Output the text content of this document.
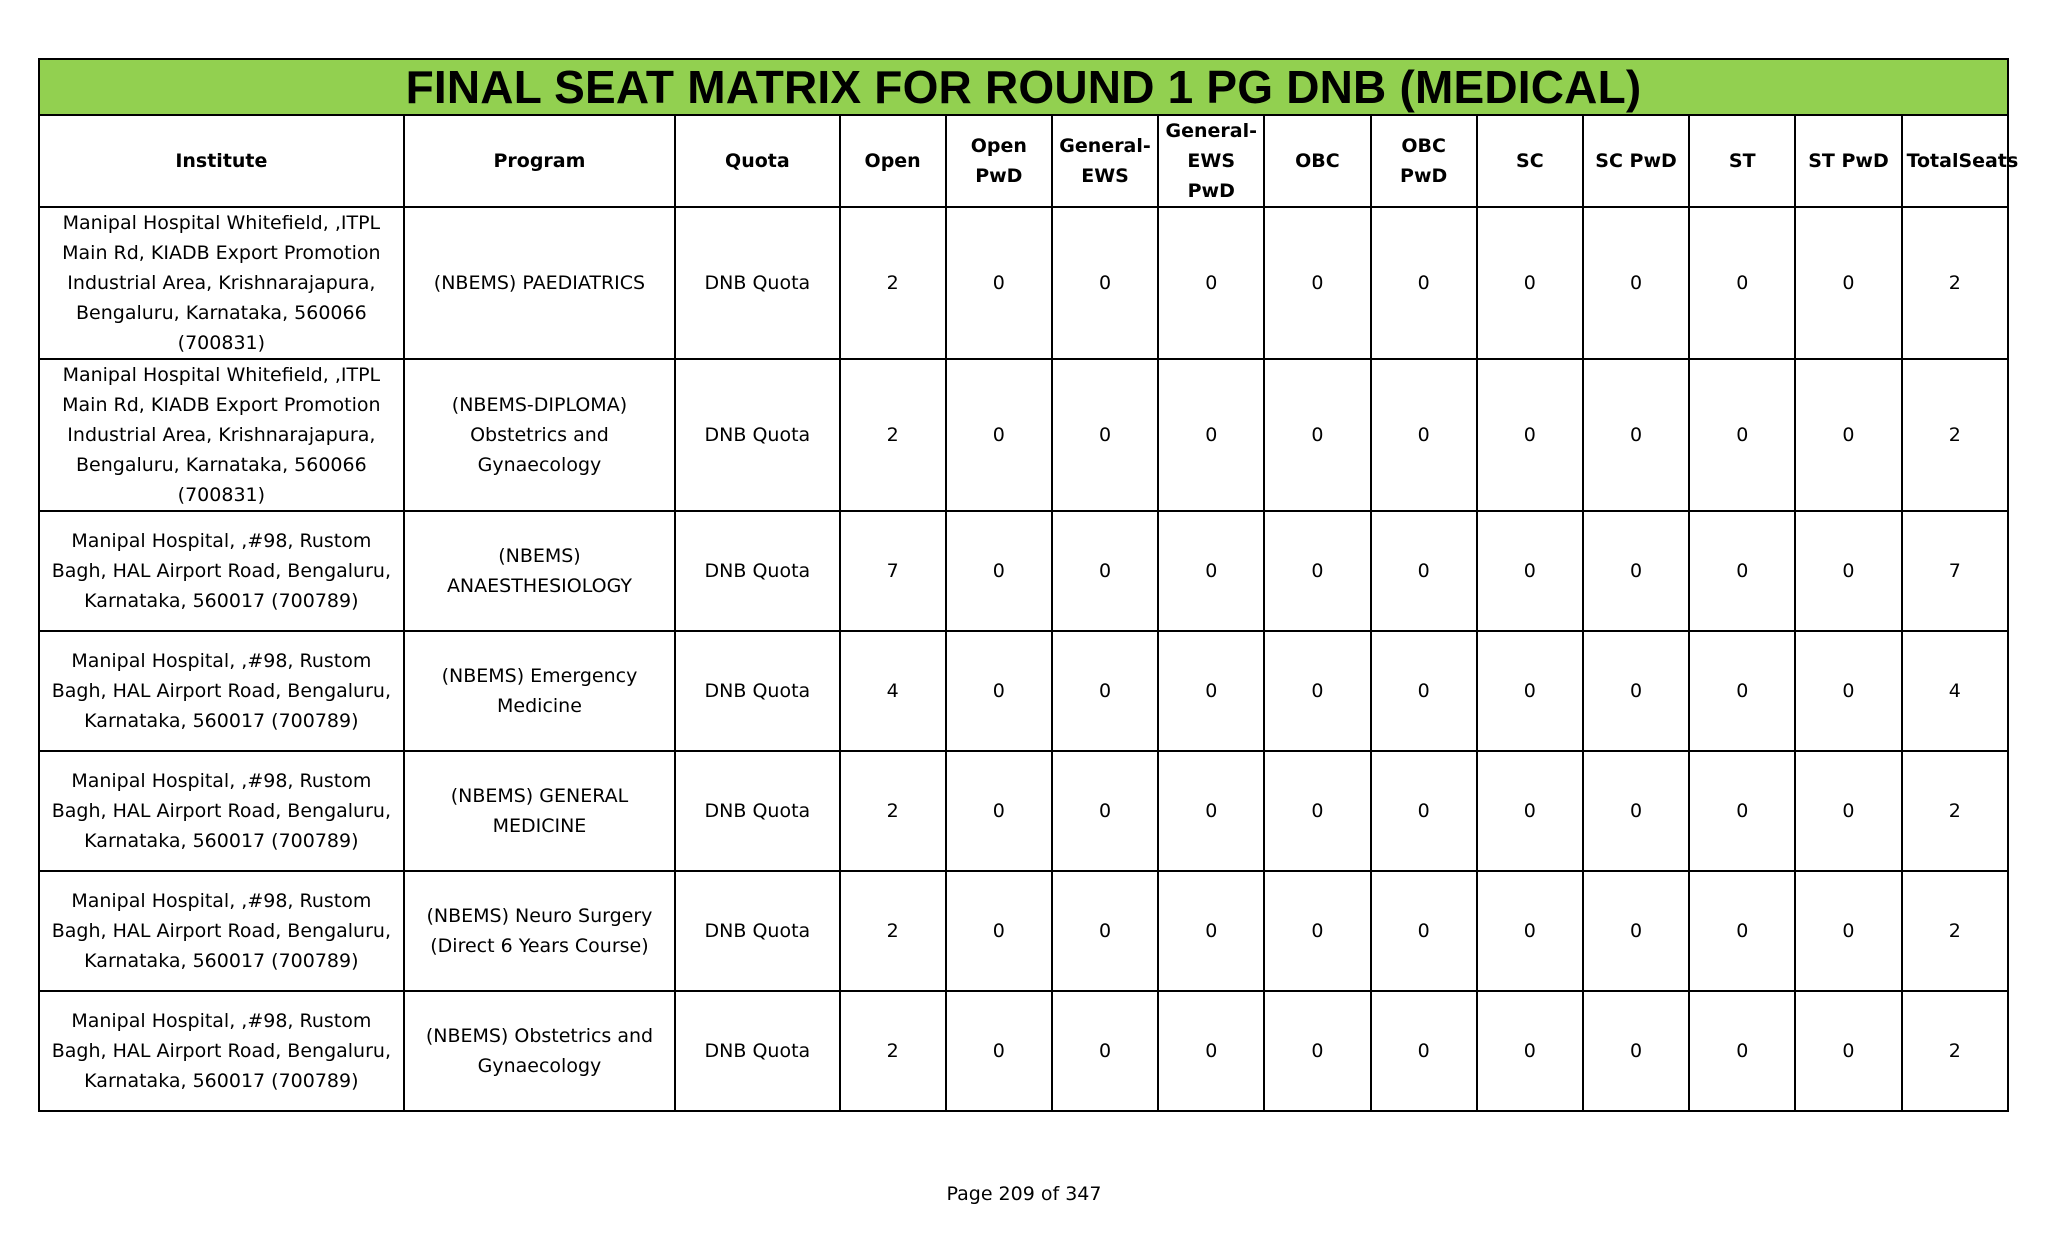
FINAL SEAT MATRIX FOR ROUND 1 PG DNB (MEDICAL)													
Institute	Program	Quota	Open	Open PwD	General-EWS	General-EWS PwD	OBC	OBC PwD	SC	SC PwD	ST	ST PwD	TotalSeats
Manipal Hospital Whitefield, ,ITPL Main Rd, KIADB Export Promotion Industrial Area, Krishnarajapura, Bengaluru, Karnataka, 560066 (700831)	(NBEMS) PAEDIATRICS	DNB Quota	2	0	0	0	0	0	0	0	0	0	2
Manipal Hospital Whitefield, ,ITPL Main Rd, KIADB Export Promotion Industrial Area, Krishnarajapura, Bengaluru, Karnataka, 560066 (700831)	(NBEMS-DIPLOMA) Obstetrics and Gynaecology	DNB Quota	2	0	0	0	0	0	0	0	0	0	2
Manipal Hospital, ,#98, Rustom Bagh, HAL Airport Road, Bengaluru, Karnataka, 560017 (700789)	(NBEMS) ANAESTHESIOLOGY	DNB Quota	7	0	0	0	0	0	0	0	0	0	7
Manipal Hospital, ,#98, Rustom Bagh, HAL Airport Road, Bengaluru, Karnataka, 560017 (700789)	(NBEMS) Emergency Medicine	DNB Quota	4	0	0	0	0	0	0	0	0	0	4
Manipal Hospital, ,#98, Rustom Bagh, HAL Airport Road, Bengaluru, Karnataka, 560017 (700789)	(NBEMS) GENERAL MEDICINE	DNB Quota	2	0	0	0	0	0	0	0	0	0	2
Manipal Hospital, ,#98, Rustom Bagh, HAL Airport Road, Bengaluru, Karnataka, 560017 (700789)	(NBEMS) Neuro Surgery (Direct 6 Years Course)	DNB Quota	2	0	0	0	0	0	0	0	0	0	2
Manipal Hospital, ,#98, Rustom Bagh, HAL Airport Road, Bengaluru, Karnataka, 560017 (700789)	(NBEMS) Obstetrics and Gynaecology	DNB Quota	2	0	0	0	0	0	0	0	0	0	2
Page 209 of 347
